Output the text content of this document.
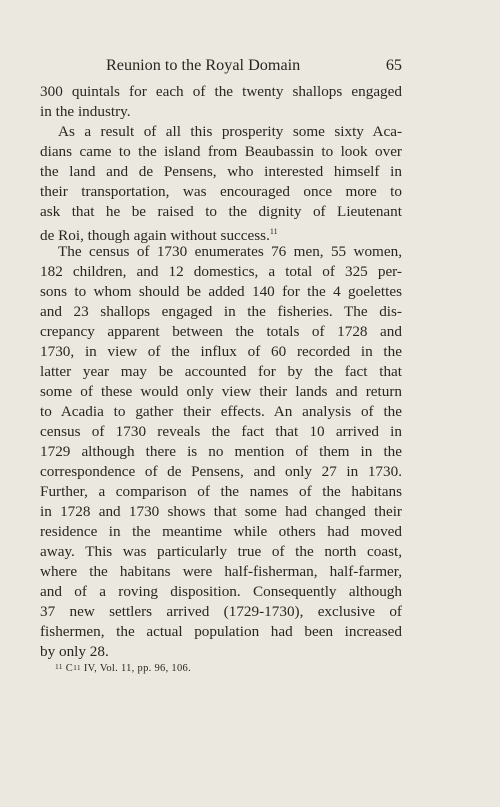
Reunion to the Royal Domain	65
300 quintals for each of the twenty shallops engaged
in the industry.
As a result of all this prosperity some sixty Aca-
dians came to the island from Beaubassin to look over
the land and de Pensens, who interested himself in
their transportation, was encouraged once more to
ask that he be raised to the dignity of Lieutenant
de Roi, though again without success.$^{11}$
The census of 1730 enumerates 76 men, 55 women,
182 children, and 12 domestics, a total of 325 per-
sons to whom should be added 140 for the 4 goelettes
and 23 shallops engaged in the fisheries. The dis-
crepancy apparent between the totals of 1728 and
1730, in view of the influx of 60 recorded in the
latter year may be accounted for by the fact that
some of these would only view their lands and return
to Acadia to gather their effects. An analysis of the
census of 1730 reveals the fact that 10 arrived in
1729 although there is no mention of them in the
correspondence of de Pensens, and only 27 in 1730.
Further, a comparison of the names of the habitans
in 1728 and 1730 shows that some had changed their
residence in the meantime while others had moved
away. This was particularly true of the north coast,
where the habitans were half-fisherman, half-farmer,
and of a roving disposition. Consequently although
37 new settlers arrived (1729-1730), exclusive of
fishermen, the actual population had been increased
by only 28.
11 C11 IV, Vol. 11, pp. 96, 106.
